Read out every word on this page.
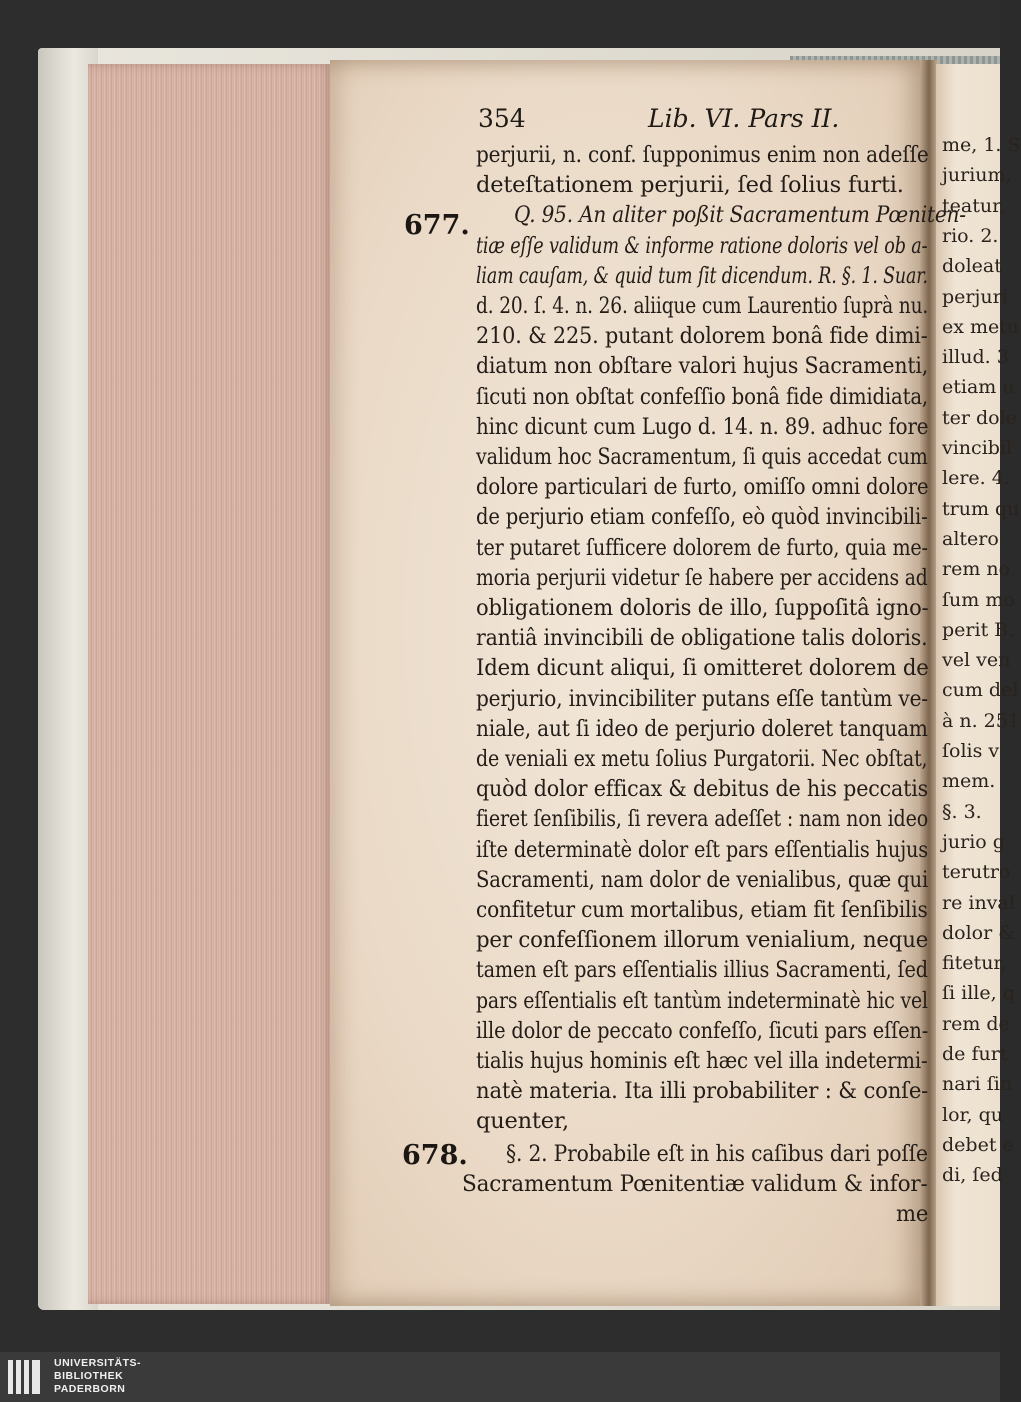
354	Lib. VI. Pars II.
677.
678.
perjurii, n. conf. ſupponimus enim non adeſſe
deteſtationem perjurii, ſed ſolius furti.
Q. 95. An aliter poßit Sacramentum Pœniten-
tiæ eſſe validum & informe ratione doloris vel ob a-
liam cauſam, & quid tum ſit dicendum. R. §. 1. Suar.
d. 20. ſ. 4. n. 26. aliique cum Laurentio ſuprà nu.
210. & 225. putant dolorem bonâ fide dimi-
diatum non obſtare valori hujus Sacramenti,
ſicuti non obſtat confeſſio bonâ fide dimidiata,
hinc dicunt cum Lugo d. 14. n. 89. adhuc fore
validum hoc Sacramentum, ſi quis accedat cum
dolore particulari de furto, omiſſo omni dolore
de perjurio etiam confeſſo, eò quòd invincibili-
ter putaret ſufficere dolorem de furto, quia me-
moria perjurii videtur ſe habere per accidens ad
obligationem doloris de illo, ſuppoſitâ igno-
rantiâ invincibili de obligatione talis doloris.
Idem dicunt aliqui, ſi omitteret dolorem de
perjurio, invincibiliter putans eſſe tantùm ve-
niale, aut ſi ideo de perjurio doleret tanquam
de veniali ex metu ſolius Purgatorii. Nec obſtat,
quòd dolor efficax & debitus de his peccatis
fieret ſenſibilis, ſi revera adeſſet : nam non ideo
iſte determinatè dolor eſt pars eſſentialis hujus
Sacramenti, nam dolor de venialibus, quæ qui
confitetur cum mortalibus, etiam fit ſenſibilis
per confeſſionem illorum venialium, neque
tamen eſt pars eſſentialis illius Sacramenti, ſed
pars eſſentialis eſt tantùm indeterminatè hic vel
ille dolor de peccato confeſſo, ſicuti pars eſſen-
tialis hujus hominis eſt hæc vel illa indetermi-
natè materia. Ita illi probabiliter : & conſe-
quenter,
§. 2. Probabile eſt in his caſibus dari poſſe
Sacramentum Pœnitentiæ validum & infor-
me
me, 1. S
jurium,
teatur,
rio. 2.
doleat
perjuri
ex metu
illud. 3
etiam u
ter dole
vincibil
lere. 4.
trum qu
altero
rem no
ſum mo
perit B.
vel ven
cum del
à n. 251
ſolis v
mem.
§. 3.
jurio g
terutro
re inval
dolor &
fitetur,
ſi ille, q
rem de
de furt
nari ſin
lor, qu
debet e
di, ſed
UNIVERSITÄTS-
BIBLIOTHEK
PADERBORN
